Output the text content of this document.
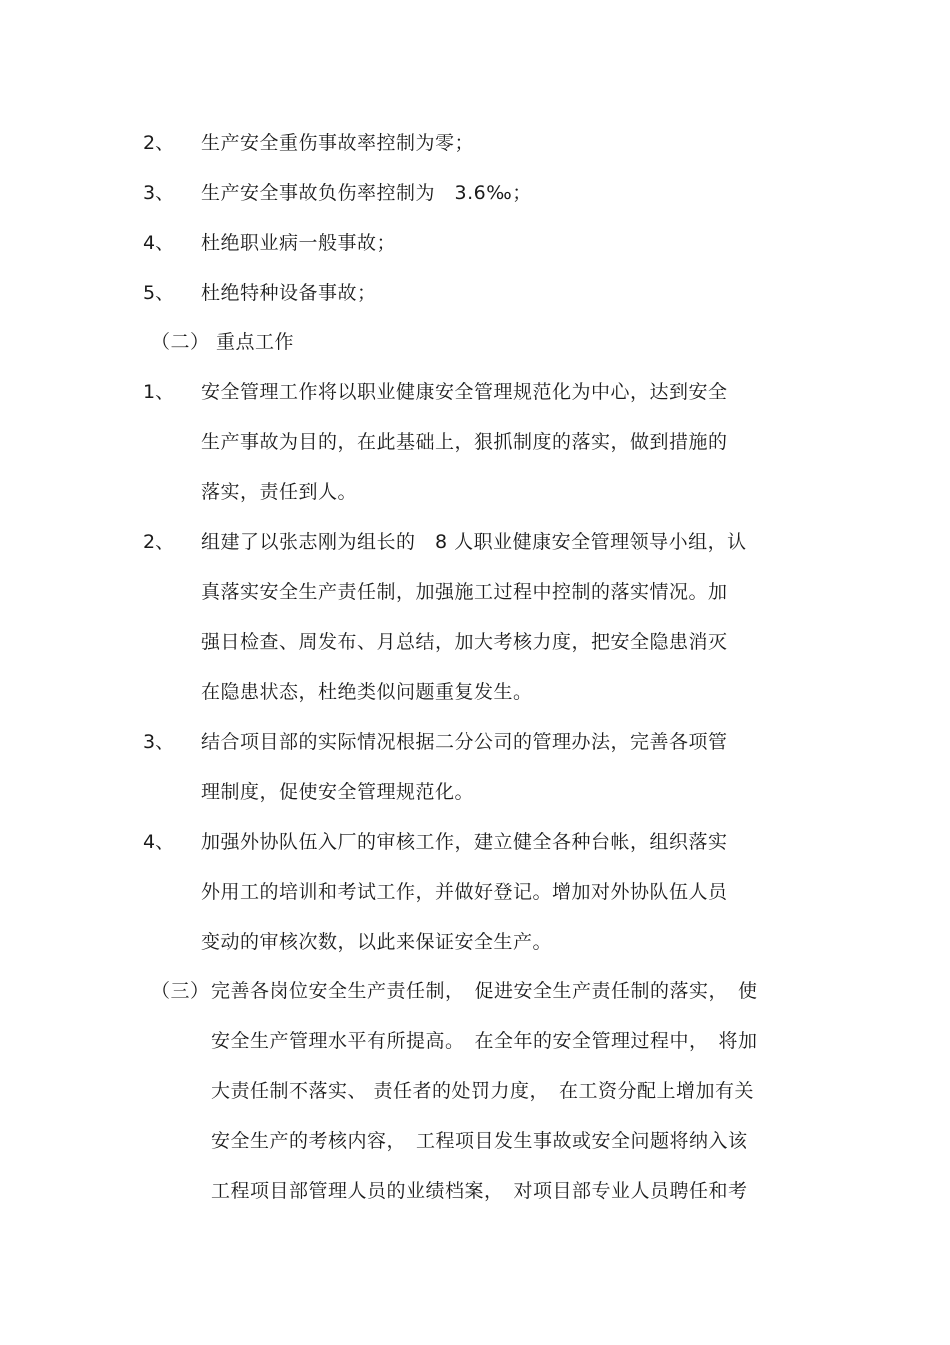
2、 生产安全重伤事故率控制为零；
3、 生产安全事故负伤率控制为　3.6‰；
4、 杜绝职业病一般事故；
5、 杜绝特种设备事故；
（二） 重点工作
1、 安全管理工作将以职业健康安全管理规范化为中心，达到安全
生产事故为目的，在此基础上，狠抓制度的落实，做到措施的
落实，责任到人。
2、 组建了以张志刚为组长的　8 人职业健康安全管理领导小组，认
真落实安全生产责任制，加强施工过程中控制的落实情况。加
强日检查、周发布、月总结，加大考核力度，把安全隐患消灭
在隐患状态，杜绝类似问题重复发生。
3、 结合项目部的实际情况根据二分公司的管理办法，完善各项管
理制度，促使安全管理规范化。
4、 加强外协队伍入厂的审核工作，建立健全各种台帐，组织落实
外用工的培训和考试工作，并做好登记。增加对外协队伍人员
变动的审核次数，以此来保证安全生产。
（三） 完善各岗位安全生产责任制，　促进安全生产责任制的落实，　使
安全生产管理水平有所提高。　在全年的安全管理过程中，　将加
大责任制不落实、 责任者的处罚力度，　在工资分配上增加有关
安全生产的考核内容，　工程项目发生事故或安全问题将纳入该
工程项目部管理人员的业绩档案，　对项目部专业人员聘任和考
